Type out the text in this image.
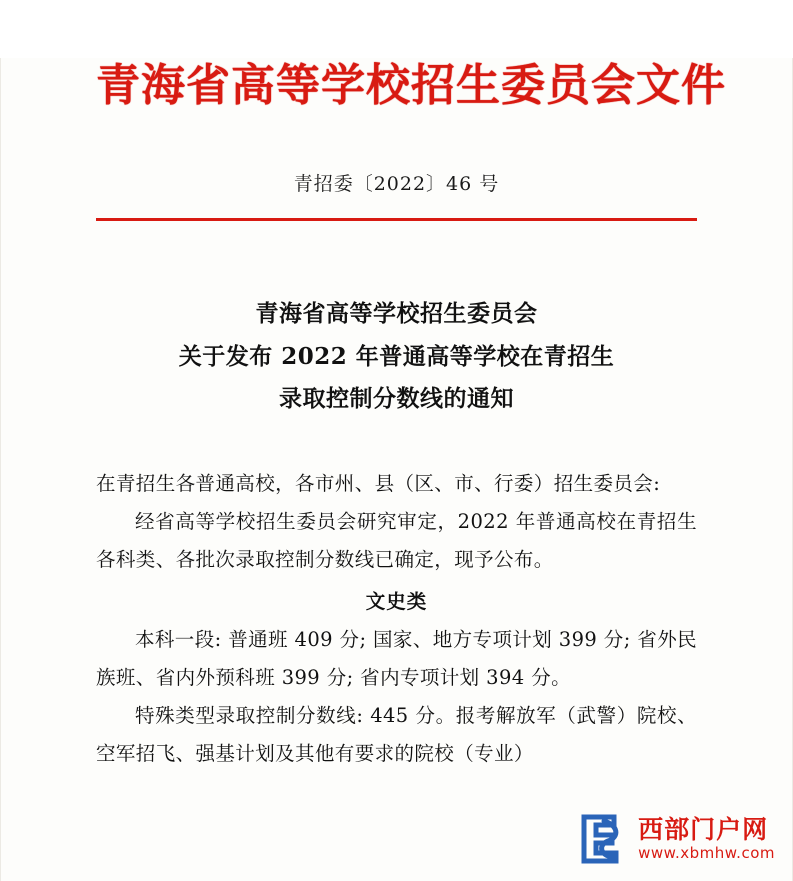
青海省高等学校招生委员会文件
青招委〔2022〕46 号
青海省高等学校招生委员会
关于发布 2022 年普通高等学校在青招生
录取控制分数线的通知

在青招生各普通高校，各市州、县（区、市、行委）招生委员会:

经省高等学校招生委员会研究审定，2022 年普通高校在青招生各科类、各批次录取控制分数线已确定，现予公布。

文史类

本科一段: 普通班 409 分; 国家、地方专项计划 399 分; 省外民族班、省内外预科班 399 分; 省内专项计划 394 分。

特殊类型录取控制分数线: 445 分。报考解放军（武警）院校、空军招飞、强基计划及其他有要求的院校（专业）

西部门户网
www.xbmhw.com
